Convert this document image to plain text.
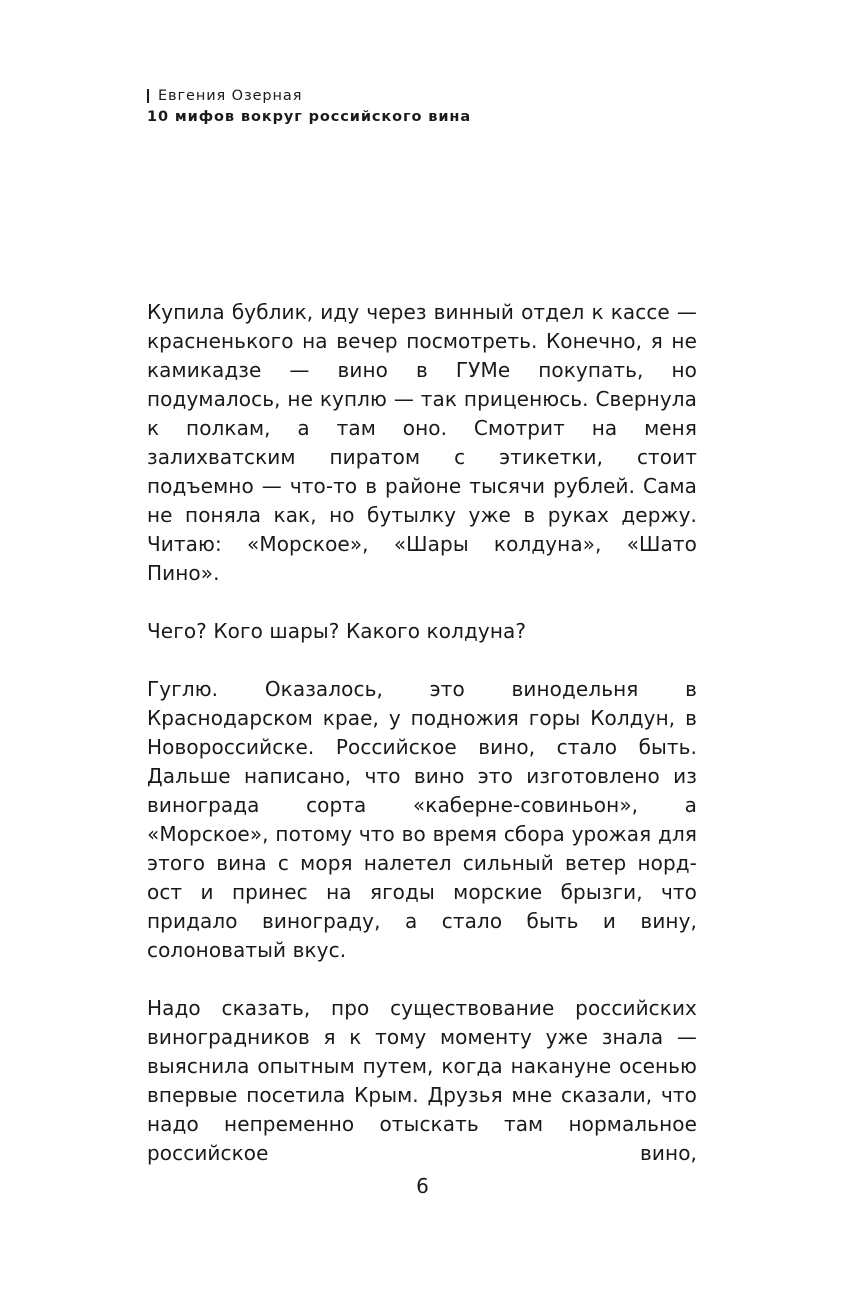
Евгения Озерная
10 мифов вокруг российского вина

Купила бублик, иду через винный отдел к кассе — красненького на вечер посмотреть. Конечно, я не камикадзе — вино в ГУМе покупать, но подумалось, не куплю — так приценюсь. Свернула к полкам, а там оно. Смотрит на меня залихватским пиратом с этикетки, стоит подъемно — что-то в районе тысячи рублей. Сама не поняла как, но бутылку уже в руках держу. Читаю: «Морское», «Шары колдуна», «Шато Пино».

Чего? Кого шары? Какого колдуна?

Гуглю. Оказалось, это винодельня в Краснодарском крае, у подножия горы Колдун, в Новороссийске. Российское вино, стало быть. Дальше написано, что вино это изготовлено из винограда сорта «каберне-совиньон», а «Морское», потому что во время сбора урожая для этого вина с моря налетел сильный ветер норд-ост и принес на ягоды морские брызги, что придало винограду, а стало быть и вину, солоноватый вкус.

Надо сказать, про существование российских виноградников я к тому моменту уже знала — выяснила опытным путем, когда накануне осенью впервые посетила Крым. Друзья мне сказали, что надо непременно отыскать там нормальное российское вино,

6
